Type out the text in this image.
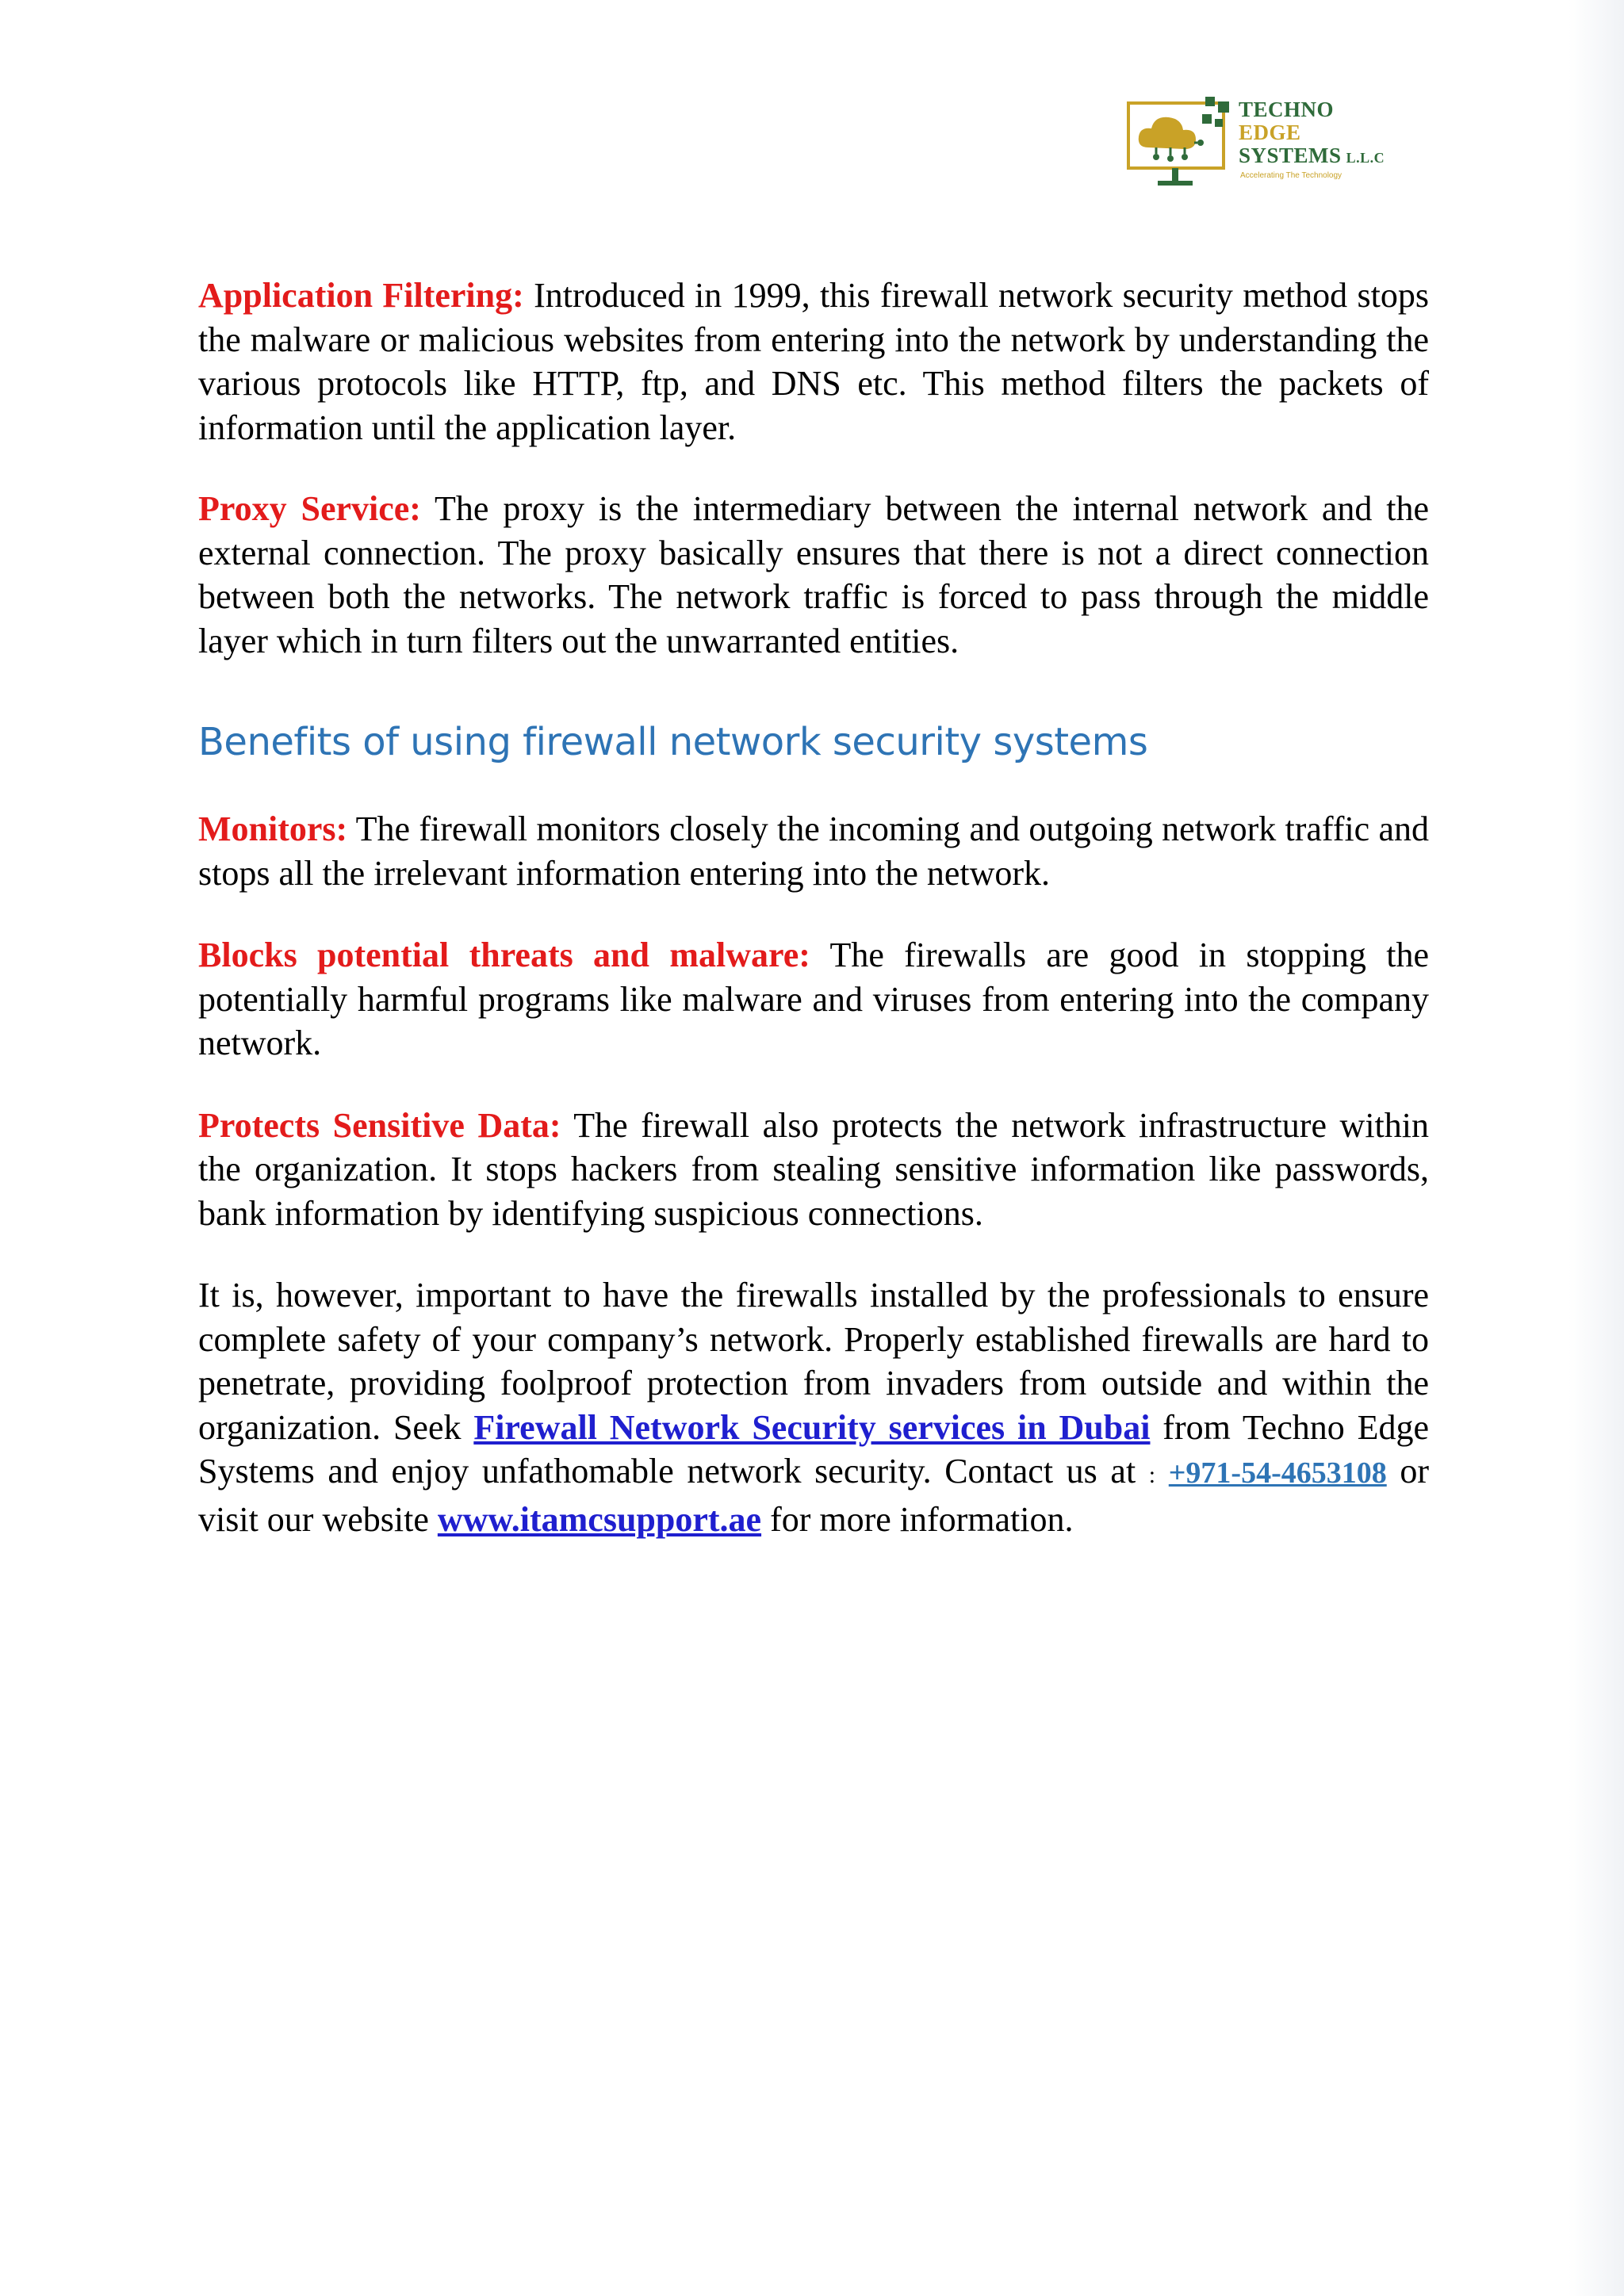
TECHNO
EDGE
SYSTEMS L.L.C
Accelerating The Technology

Application Filtering: Introduced in 1999, this firewall network security method stops the malware or malicious websites from entering into the network by understanding the various protocols like HTTP, ftp, and DNS etc. This method filters the packets of information until the application layer.

Proxy Service: The proxy is the intermediary between the internal network and the external connection. The proxy basically ensures that there is not a direct connection between both the networks. The network traffic is forced to pass through the middle layer which in turn filters out the unwarranted entities.

Benefits of using firewall network security systems

Monitors: The firewall monitors closely the incoming and outgoing network traffic and stops all the irrelevant information entering into the network.

Blocks potential threats and malware: The firewalls are good in stopping the potentially harmful programs like malware and viruses from entering into the company network.

Protects Sensitive Data: The firewall also protects the network infrastructure within the organization. It stops hackers from stealing sensitive information like passwords, bank information by identifying suspicious connections.

It is, however, important to have the firewalls installed by the professionals to ensure complete safety of your company’s network. Properly established firewalls are hard to penetrate, providing foolproof protection from invaders from outside and within the organization. Seek Firewall Network Security services in Dubai from Techno Edge Systems and enjoy unfathomable network security. Contact us at : +971-54-4653108 or visit our website www.itamcsupport.ae for more information.
